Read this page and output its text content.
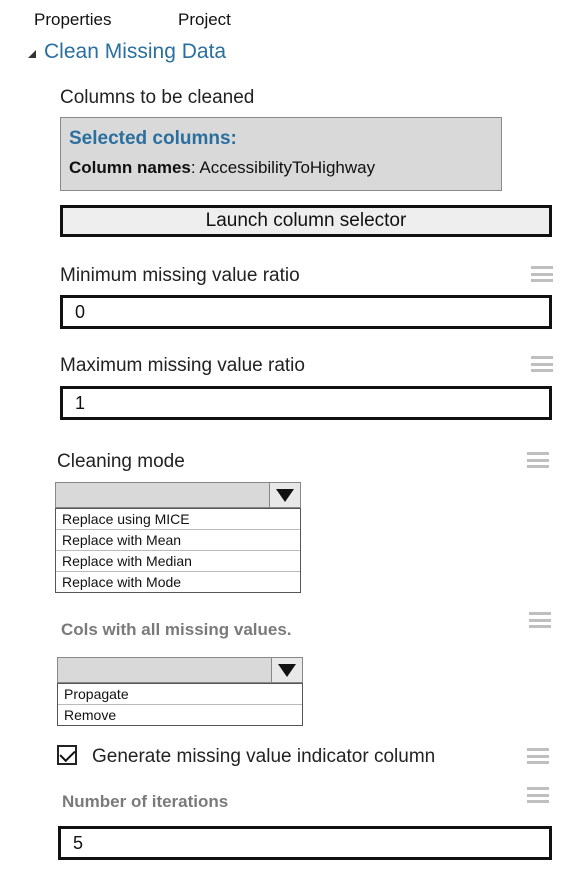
Properties	Project
Clean Missing Data
Columns to be cleaned
Selected columns:
Column names: AccessibilityToHighway
Launch column selector
Minimum missing value ratio
0
Maximum missing value ratio
1
Cleaning mode
Replace using MICE
Replace with Mean
Replace with Median
Replace with Mode
Cols with all missing values.
Propagate
Remove
Generate missing value indicator column
Number of iterations
5
